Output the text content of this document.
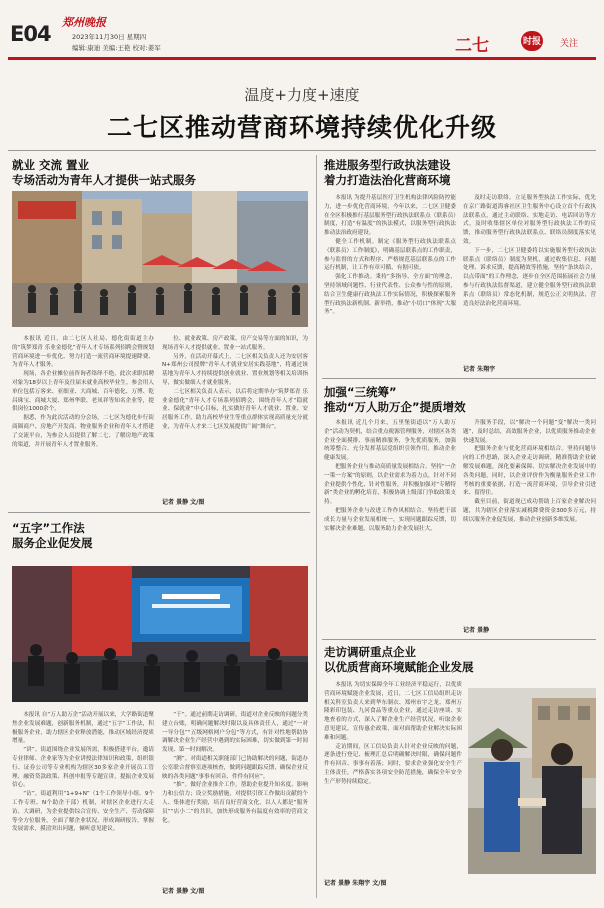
E04 郑州晚报
2023年11月30日 星期四
编辑:康迪 美编:王艳 校对:姜军	二七	时报 关注
温度+力度+速度
二七区推动营商环境持续优化升级
就业 交流 置业
专场活动为青年人才提供一站式服务

本报讯 近日，由二七区人社局、德化街街道主办的“筑梦郑青 乐业金德化”青年人才专场系列招聘会暨规划营商环境进一步优化、努力打造一流营商环境提速降费、为青年人才服务。

现场，各企业摊位前咨询者络绎不绝，此次求职招聘对象为18岁以上青年及往届未就业高校毕业生。参会用人单位包括万客来、亚细亚、大商城、百年德化、万博、乾昌珠宝、商城大厦、郑州华联、老凤祥等知名企业等，提供岗位1000余个。

据悉，作为此次活动的分会场，二七区为德化步行街商圈商户、房地产开发商、物业服务企业和青年人才搭建了交流平台，为参会人员提供了解二七、了解房地产政策的渠道，并开展青年人才置业服务。

位、就业政策、房产政策、房产交易等方面的知识，为现场青年人才提供就业、置业一站式服务。

另外，在活动开幕式上，二七区相关负责人还为安居客N+郑州公司授牌“青年人才就业安居实践基地”，将通过该基地为青年人才持续提供创业就业、置业规划等相关培训指导，做实做细人才就业服务。

二七区相关负责人表示，以后将定期举办“筑梦郑青 乐业金德化”青年人才专场系列招聘会，围绕青年人才“稳就业、保就业”中心目标，扎实做好青年人才就业、置业、安居服务工作，助力高校毕业生等重点群体实现高质量充分就业，为青年人才来二七区发展提供广阔“舞台”。

记者 景静 文/图
“五字”工作法
服务企业促发展

本报讯 自“万人助万企”活动开展以来，大学路街道聚焦企业发展难题，创新服务机制，通过“五字”工作法，积极服务企业，助力辖区企业释放潜能，推动区域经济提质增量。

“讲”。街道围绕企业发展所需，积极搭建平台，邀请专业律师、企业家等为企业讲授法律知识和政策，组织银行、证券公司等专业机构为辖区30多家企业开展员工管理、融资贷款政策、科创申报等专题宣讲，提振企业发展信心。

“访”。街道利用“1+9+N”（1个工作领导小组、9个工作专班、N个助企干部）机制，对辖区企业进行大走访、大调研，为企业提供综合宣传、安全生产、劳动保障等全方位服务，全面了解企业状况、形成调研报告，掌握发展需求，摸清突出问题，倾听意见建议。

“干”。通过前期走访调研，街道对企业反映的问题分类建立台账，明确问题解决时限以及具体责任人，通过“一对一导分包”“五级网格网户分包”等方式，有针对性地帮助协调解决企业生产经营中遇到的实际困难，切实做到第一时间发现、第一时间解决。

“测”。对街道相关职能部门已协助解决的问题，街道办公室联合督察室逐项核查，做到问题跟踪反馈，确保企业反映的各类问题“事事有回音、件件有回应”。

“推”。做好企业推介工作，帮助企业提升知名度、影响力和公信力；设立奖励措施，对提供引资工作做出贡献的个人、集体进行奖励，培育良好营商文化，以人人都是“服务员”“店小二”的共识，加快形成服务有温度有效率的营商文化。

记者 景静 文/图
推进服务型行政执法建设
着力打造法治化营商环境

本报讯 为提升基层医疗卫生机构法律风险防控能力，进一步优化营商环境，今年以来，二七区卫健委在全区积极推行基层服务型行政执法联系点（联系员）制度，打造“有温度”的执法模式，以服务型行政执法推动法治政府建设。

健全工作机制。制定《服务型行政执法联系点（联系员）工作制度》，明确基层联系点的工作职责，参与监督的方式和程序、严格规范基层联系点的工作运行机制，让工作有章可循、有据可依。

强化工作推动。秉持“多指导、全方面”的理念，坚持领域问题性、行业代表性、公众参与性的原则，结合卫生健康行政执法工作实际情况，积极探索服务型行政执法新机制、新举措，推动“小切口”体现“大服务”。

及时走访联络。立足服务型执法工作实际，优先在京广路街道海睿社区卫生服务中心设立首个行政执法联系点，通过主动联络、实地走访、电话回访等方式，及时收集辖区单位对服务型行政执法工作的反馈，推动服务型行政执法联系点、联络员制度落实见效。

下一步，二七区卫健委将以实施服务型行政执法联系点（联络员）制度为契机，通过收集信息、问题处理、诉求反馈，提高精效等措施，坚持“条块结合，以点带面”的工作理念，逐步在全区范围拓展社会力量参与行政执法监督渠道，建立健全服务型行政执法联系点（联络员）常态化机制，规范公正文明执法，营造良好法治化营商环境。

记者 朱翔宇
加强“三统筹”
推动“万人助万企”提质增效

本报讯 近几个月来，五里堡街道以“万人助万企”活动为契机，结合重点税源管理服务，对辖区各类企业全面摸排、事前精准服务，争先优质服务，加强统筹整合、充分发挥基层党组织引领作用，推动企业健康发展。

把服务企业与推动高质量发展相结合。坚持“一企一策一方案”的原则，以企业需求为着力点，针对不同企业提供个性化、针对性服务，并积极加强对“专精特新”类企业的孵化培育，积极协调上级部门争取政策支持。

把服务企业与改进工作作风相结合。坚持把干部成长力量与企业发展相统一，实现问题跟踪反馈，切实解决企业难题，以服务助力企业发展壮大。

升服务手段，以“解决一个问题”变“解决一类问题”，及时总结，高效服务企业，以优质服务推动企业快速发展。

把服务企业与优化营商环境相结合。坚持问题导向的工作思路，深入企业走访调研，精准帮助企业破解发展难题，深化要素保障、切实解决企业发展中的各类问题，同时，以企业评价作为衡量服务企业工作考核的重要依据，打造一流营商环境，引导企业引进来、留得住。

截至目前，街道现已成功帮助上百家企业解决问题，共为辖区企业落实减税降费资金300多万元，持续以服务企业促发展，推动企业创新多维发展。

记者 景静
走访调研重点企业
以优质营商环境赋能企业发展

本报讯 为切实保障全年工业经济平稳运行，以优质营商环境赋能企业发展，近日，二七区工信局组织走访相关科室负责人来到华东制衣、郑州市宇之龙、郑州万隆彩印包装、九河食品等重点企业，通过走访座谈、实地查看的方式，深入了解企业生产经营状况，听取企业意见建议，宣传惠企政策，面对面帮助企业解决实际困难和问题。

走访期间，区工信局负责人针对企业反映的问题，逐条进行登记、梳理汇总后明确解决时限，确保问题件件有回音、事事有着落；同时，要求企业强化安全生产主体责任，严格落实各项安全防范措施，确保全年安全生产形势持续稳定。

记者 景静 朱翔宇 文/图
